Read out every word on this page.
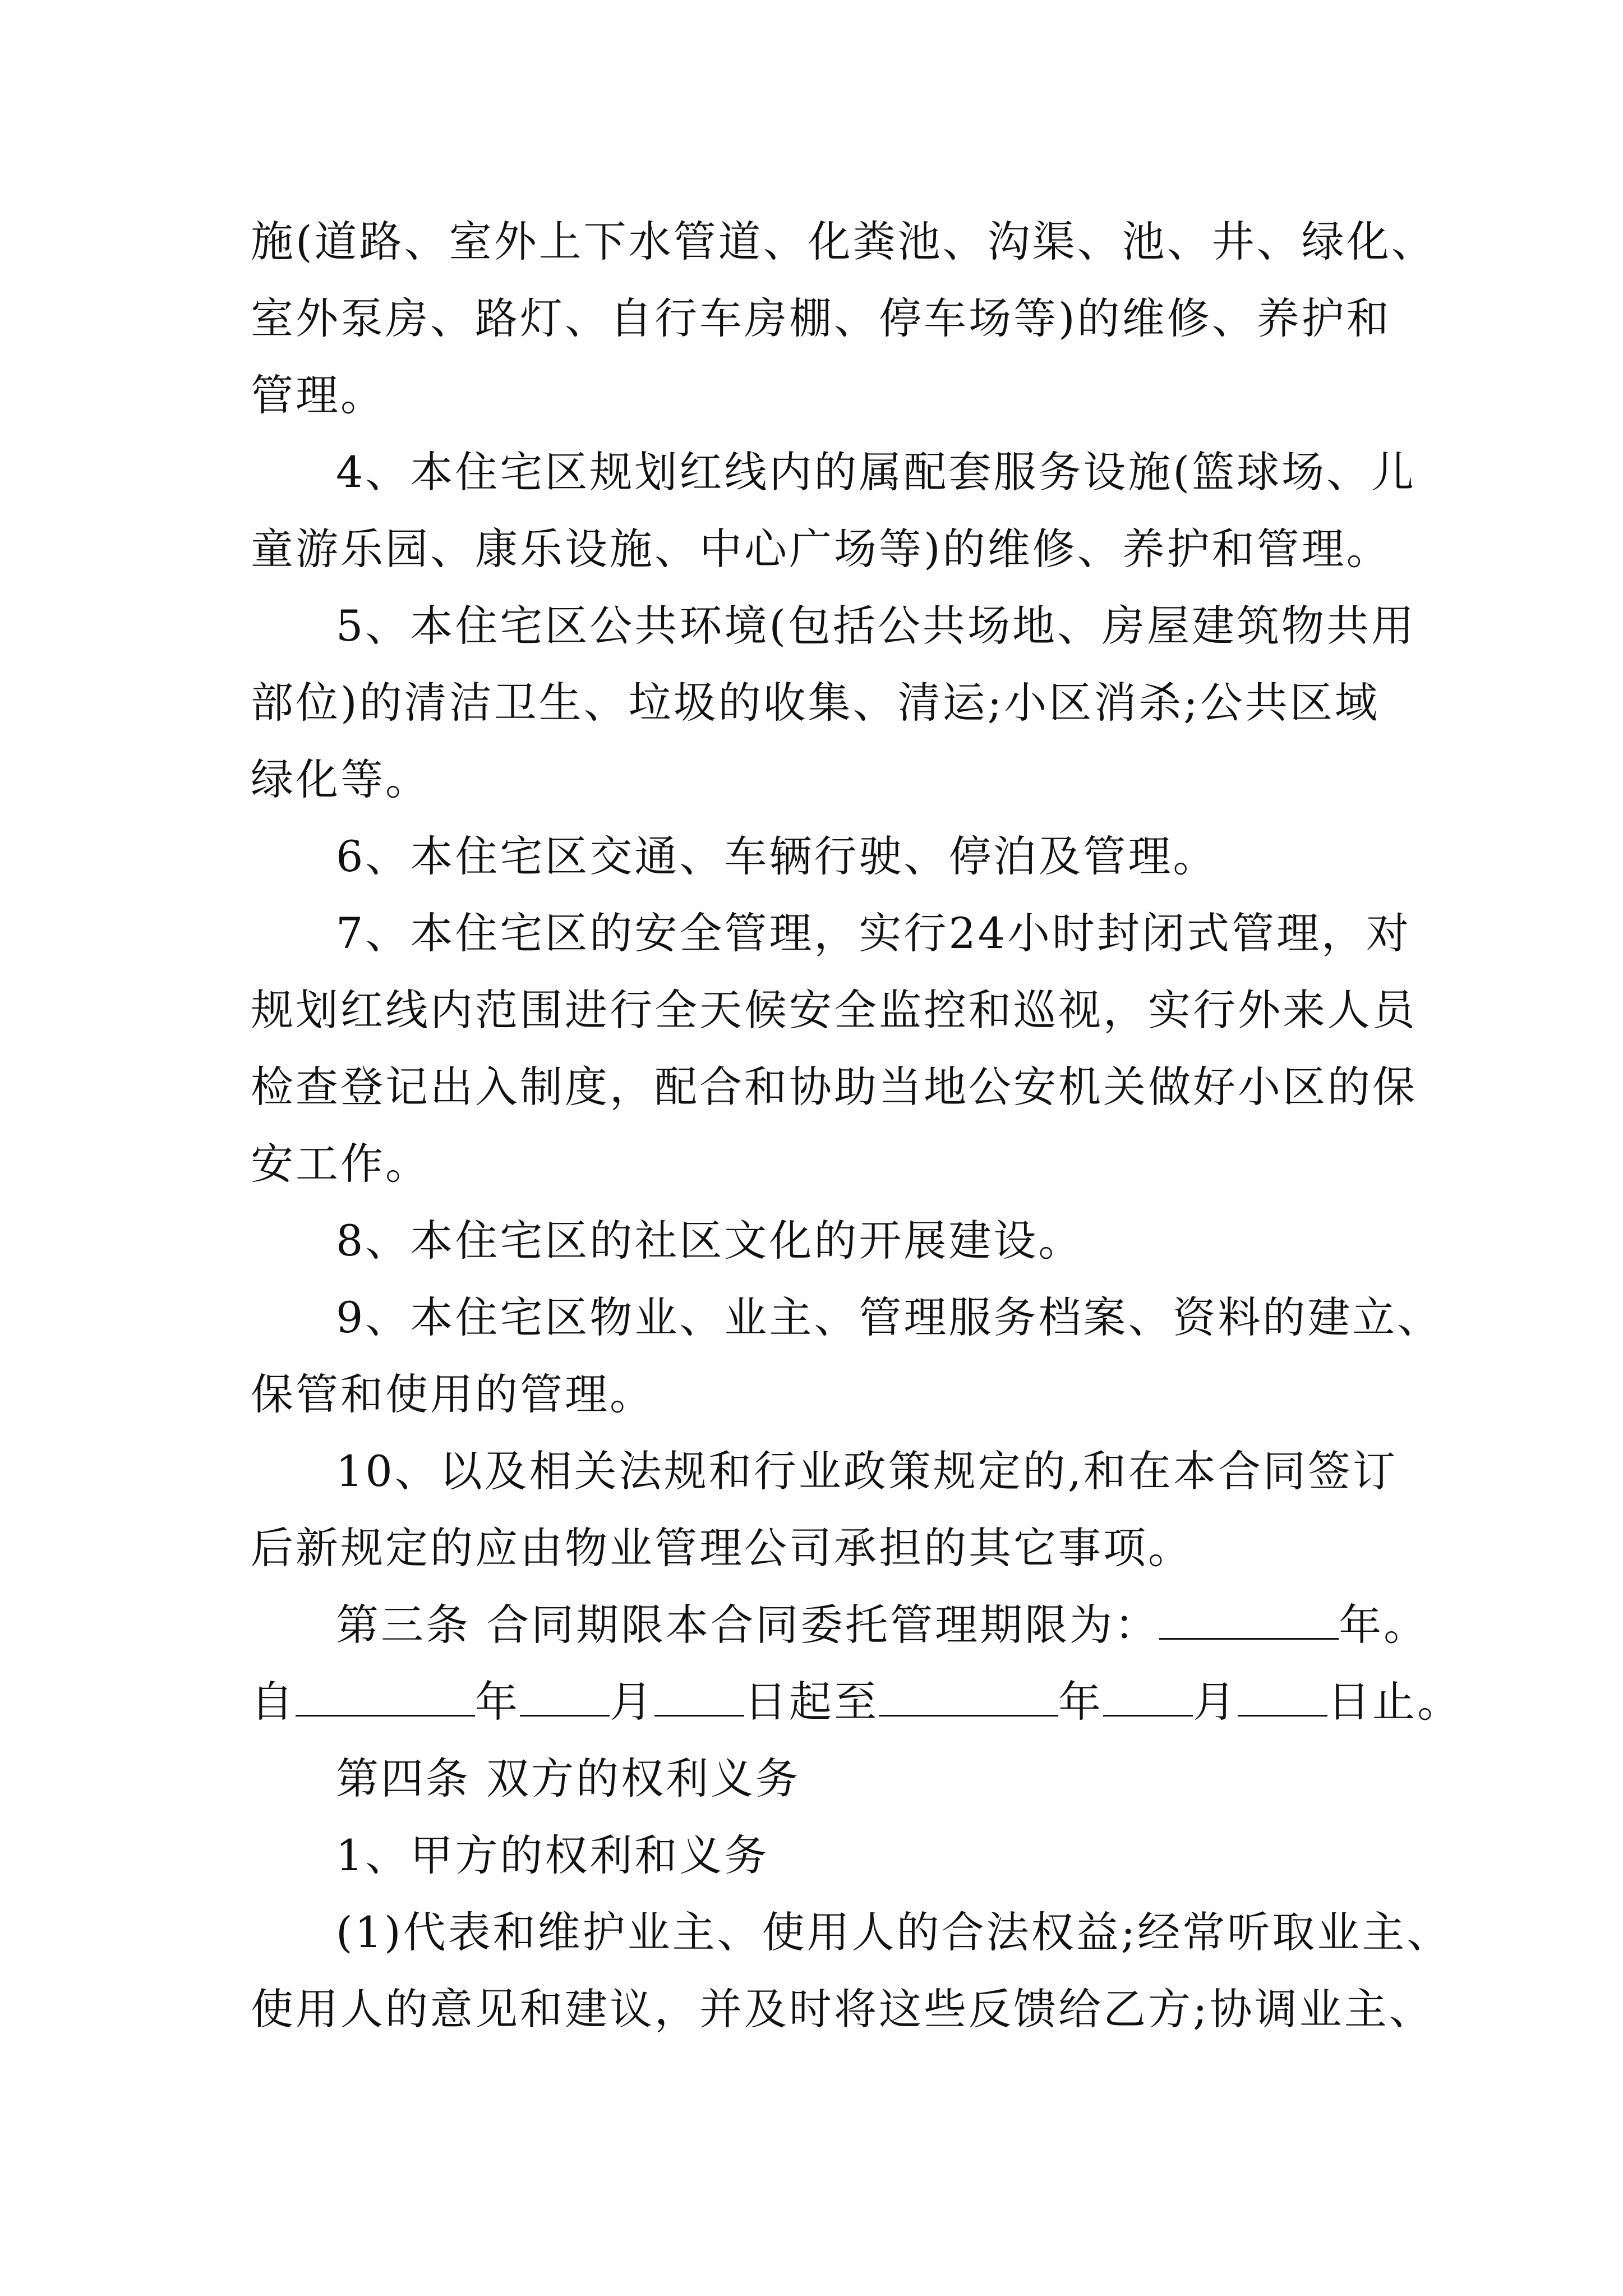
施(道路、室外上下水管道、化粪池、沟渠、池、井、绿化、
室外泵房、路灯、自行车房棚、停车场等)的维修、养护和
管理。
4、本住宅区规划红线内的属配套服务设施(篮球场、儿
童游乐园、康乐设施、中心广场等)的维修、养护和管理。
5、本住宅区公共环境(包括公共场地、房屋建筑物共用
部位)的清洁卫生、垃圾的收集、清运;小区消杀;公共区域
绿化等。
6、本住宅区交通、车辆行驶、停泊及管理。
7、本住宅区的安全管理，实行24小时封闭式管理，对
规划红线内范围进行全天候安全监控和巡视，实行外来人员
检查登记出入制度，配合和协助当地公安机关做好小区的保
安工作。
8、本住宅区的社区文化的开展建设。
9、本住宅区物业、业主、管理服务档案、资料的建立、
保管和使用的管理。
10、以及相关法规和行业政策规定的,和在本合同签订
后新规定的应由物业管理公司承担的其它事项。
第三条 合同期限本合同委托管理期限为：	年。
自	年 月 日起至	年 月 日止。
第四条 双方的权利义务
1、甲方的权利和义务
(1)代表和维护业主、使用人的合法权益;经常听取业主、
使用人的意见和建议，并及时将这些反馈给乙方;协调业主、
